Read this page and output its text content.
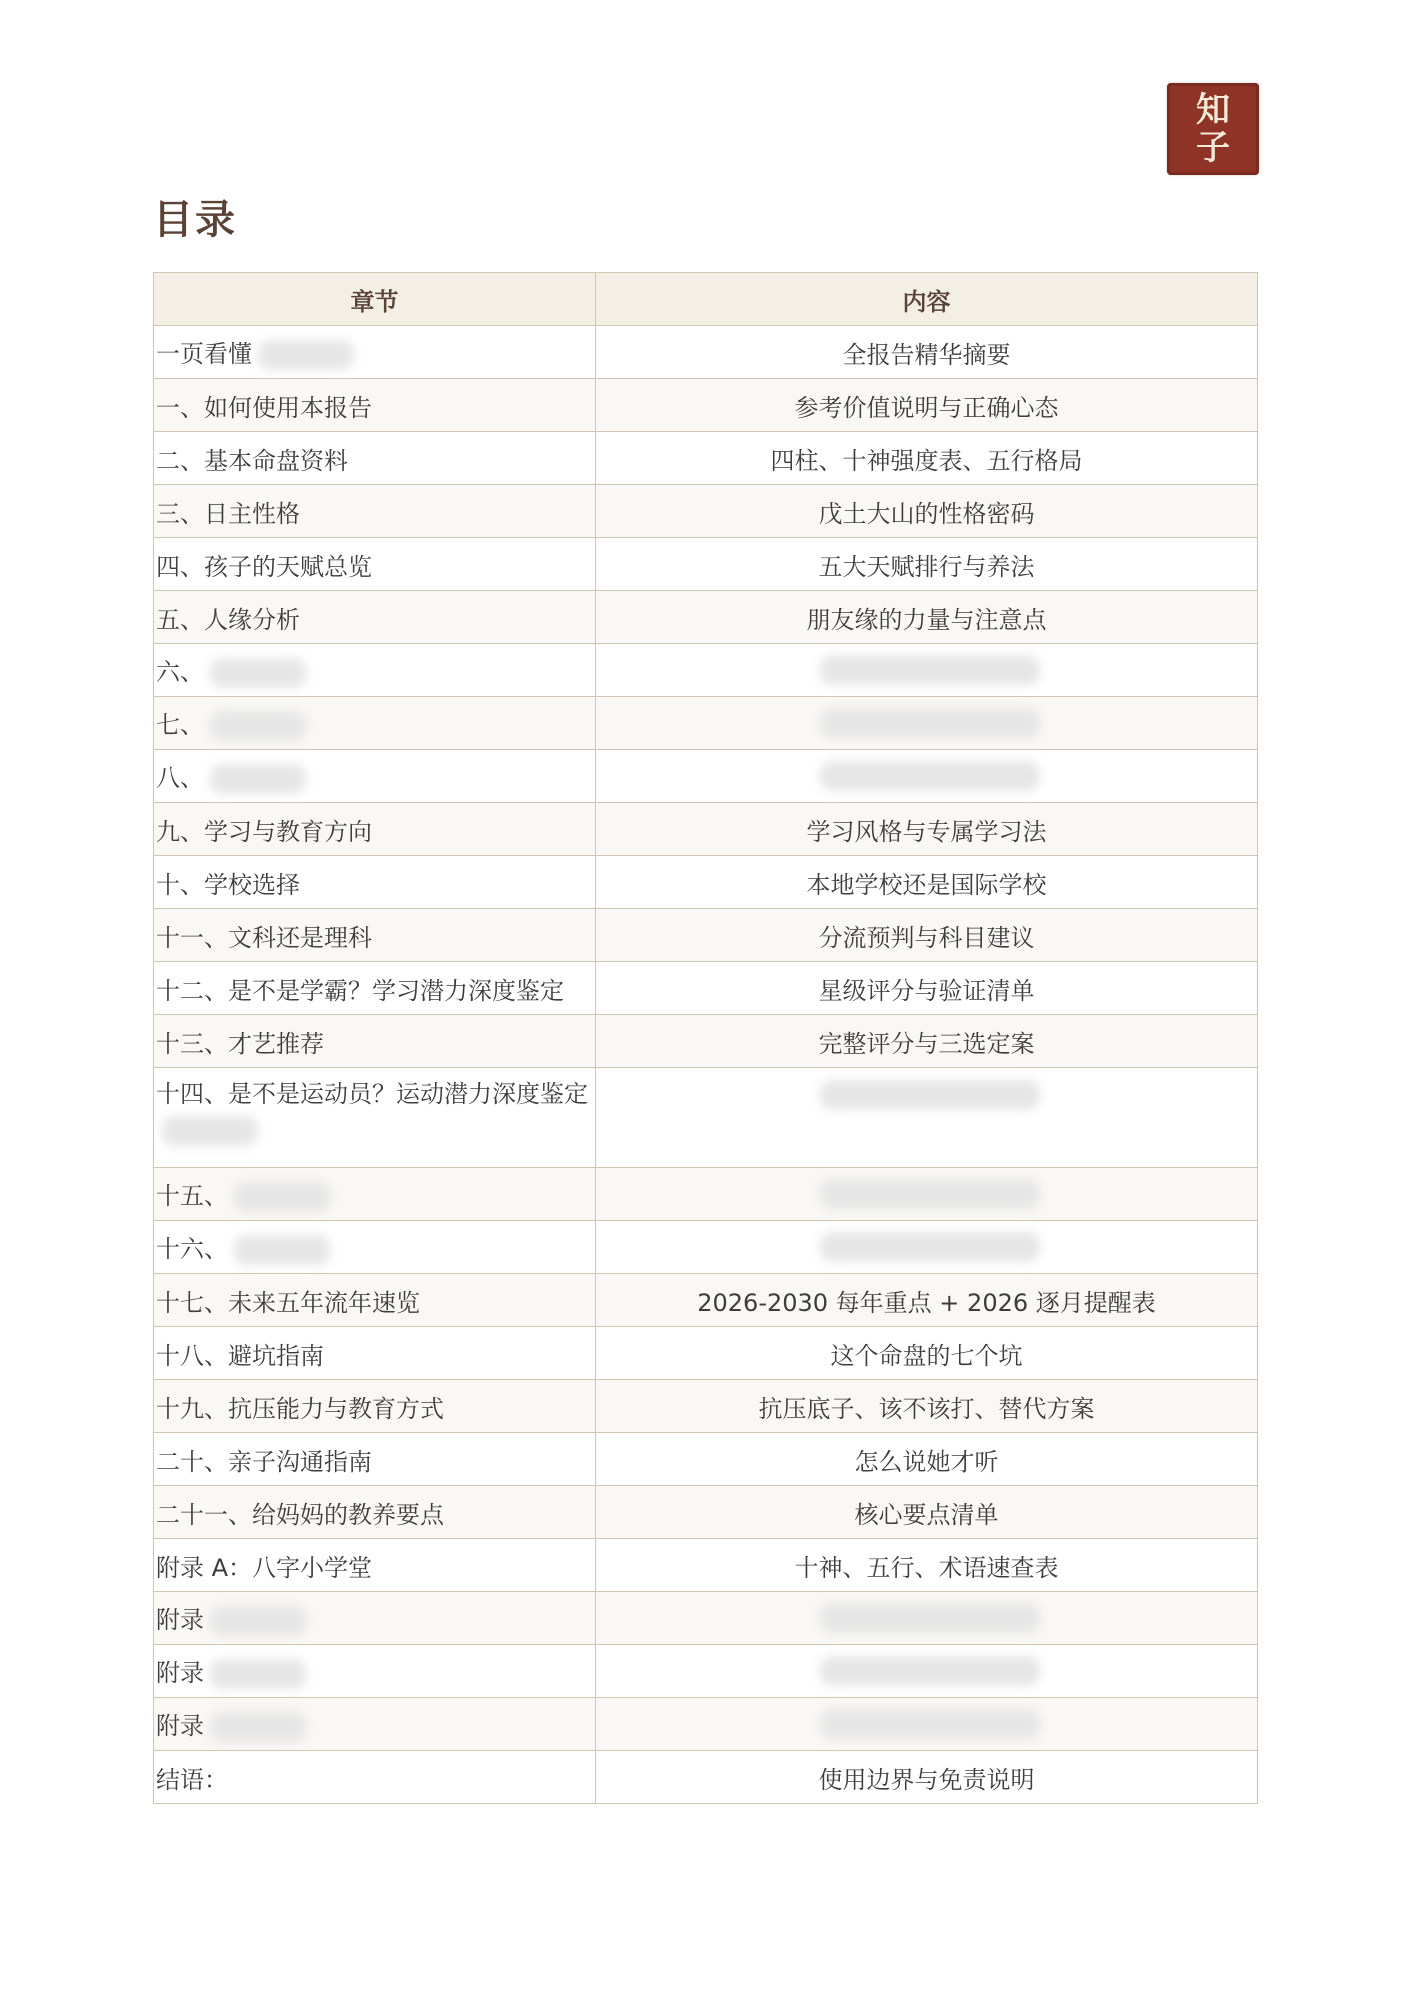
知
子
目录
章节	内容
一页看懂	全报告精华摘要
一、如何使用本报告	参考价值说明与正确心态
二、基本命盘资料	四柱、十神强度表、五行格局
三、日主性格	戊土大山的性格密码
四、孩子的天赋总览	五大天赋排行与养法
五、人缘分析	朋友缘的力量与注意点
六、	
七、	
八、	
九、学习与教育方向	学习风格与专属学习法
十、学校选择	本地学校还是国际学校
十一、文科还是理科	分流预判与科目建议
十二、是不是学霸？学习潜力深度鉴定	星级评分与验证清单
十三、才艺推荐	完整评分与三选定案
十四、是不是运动员？运动潜力深度鉴定	
十五、	
十六、	
十七、未来五年流年速览	2026-2030 每年重点 + 2026 逐月提醒表
十八、避坑指南	这个命盘的七个坑
十九、抗压能力与教育方式	抗压底子、该不该打、替代方案
二十、亲子沟通指南	怎么说她才听
二十一、给妈妈的教养要点	核心要点清单
附录 A：八字小学堂	十神、五行、术语速查表
附录	
附录	
附录	
结语：	使用边界与免责说明
